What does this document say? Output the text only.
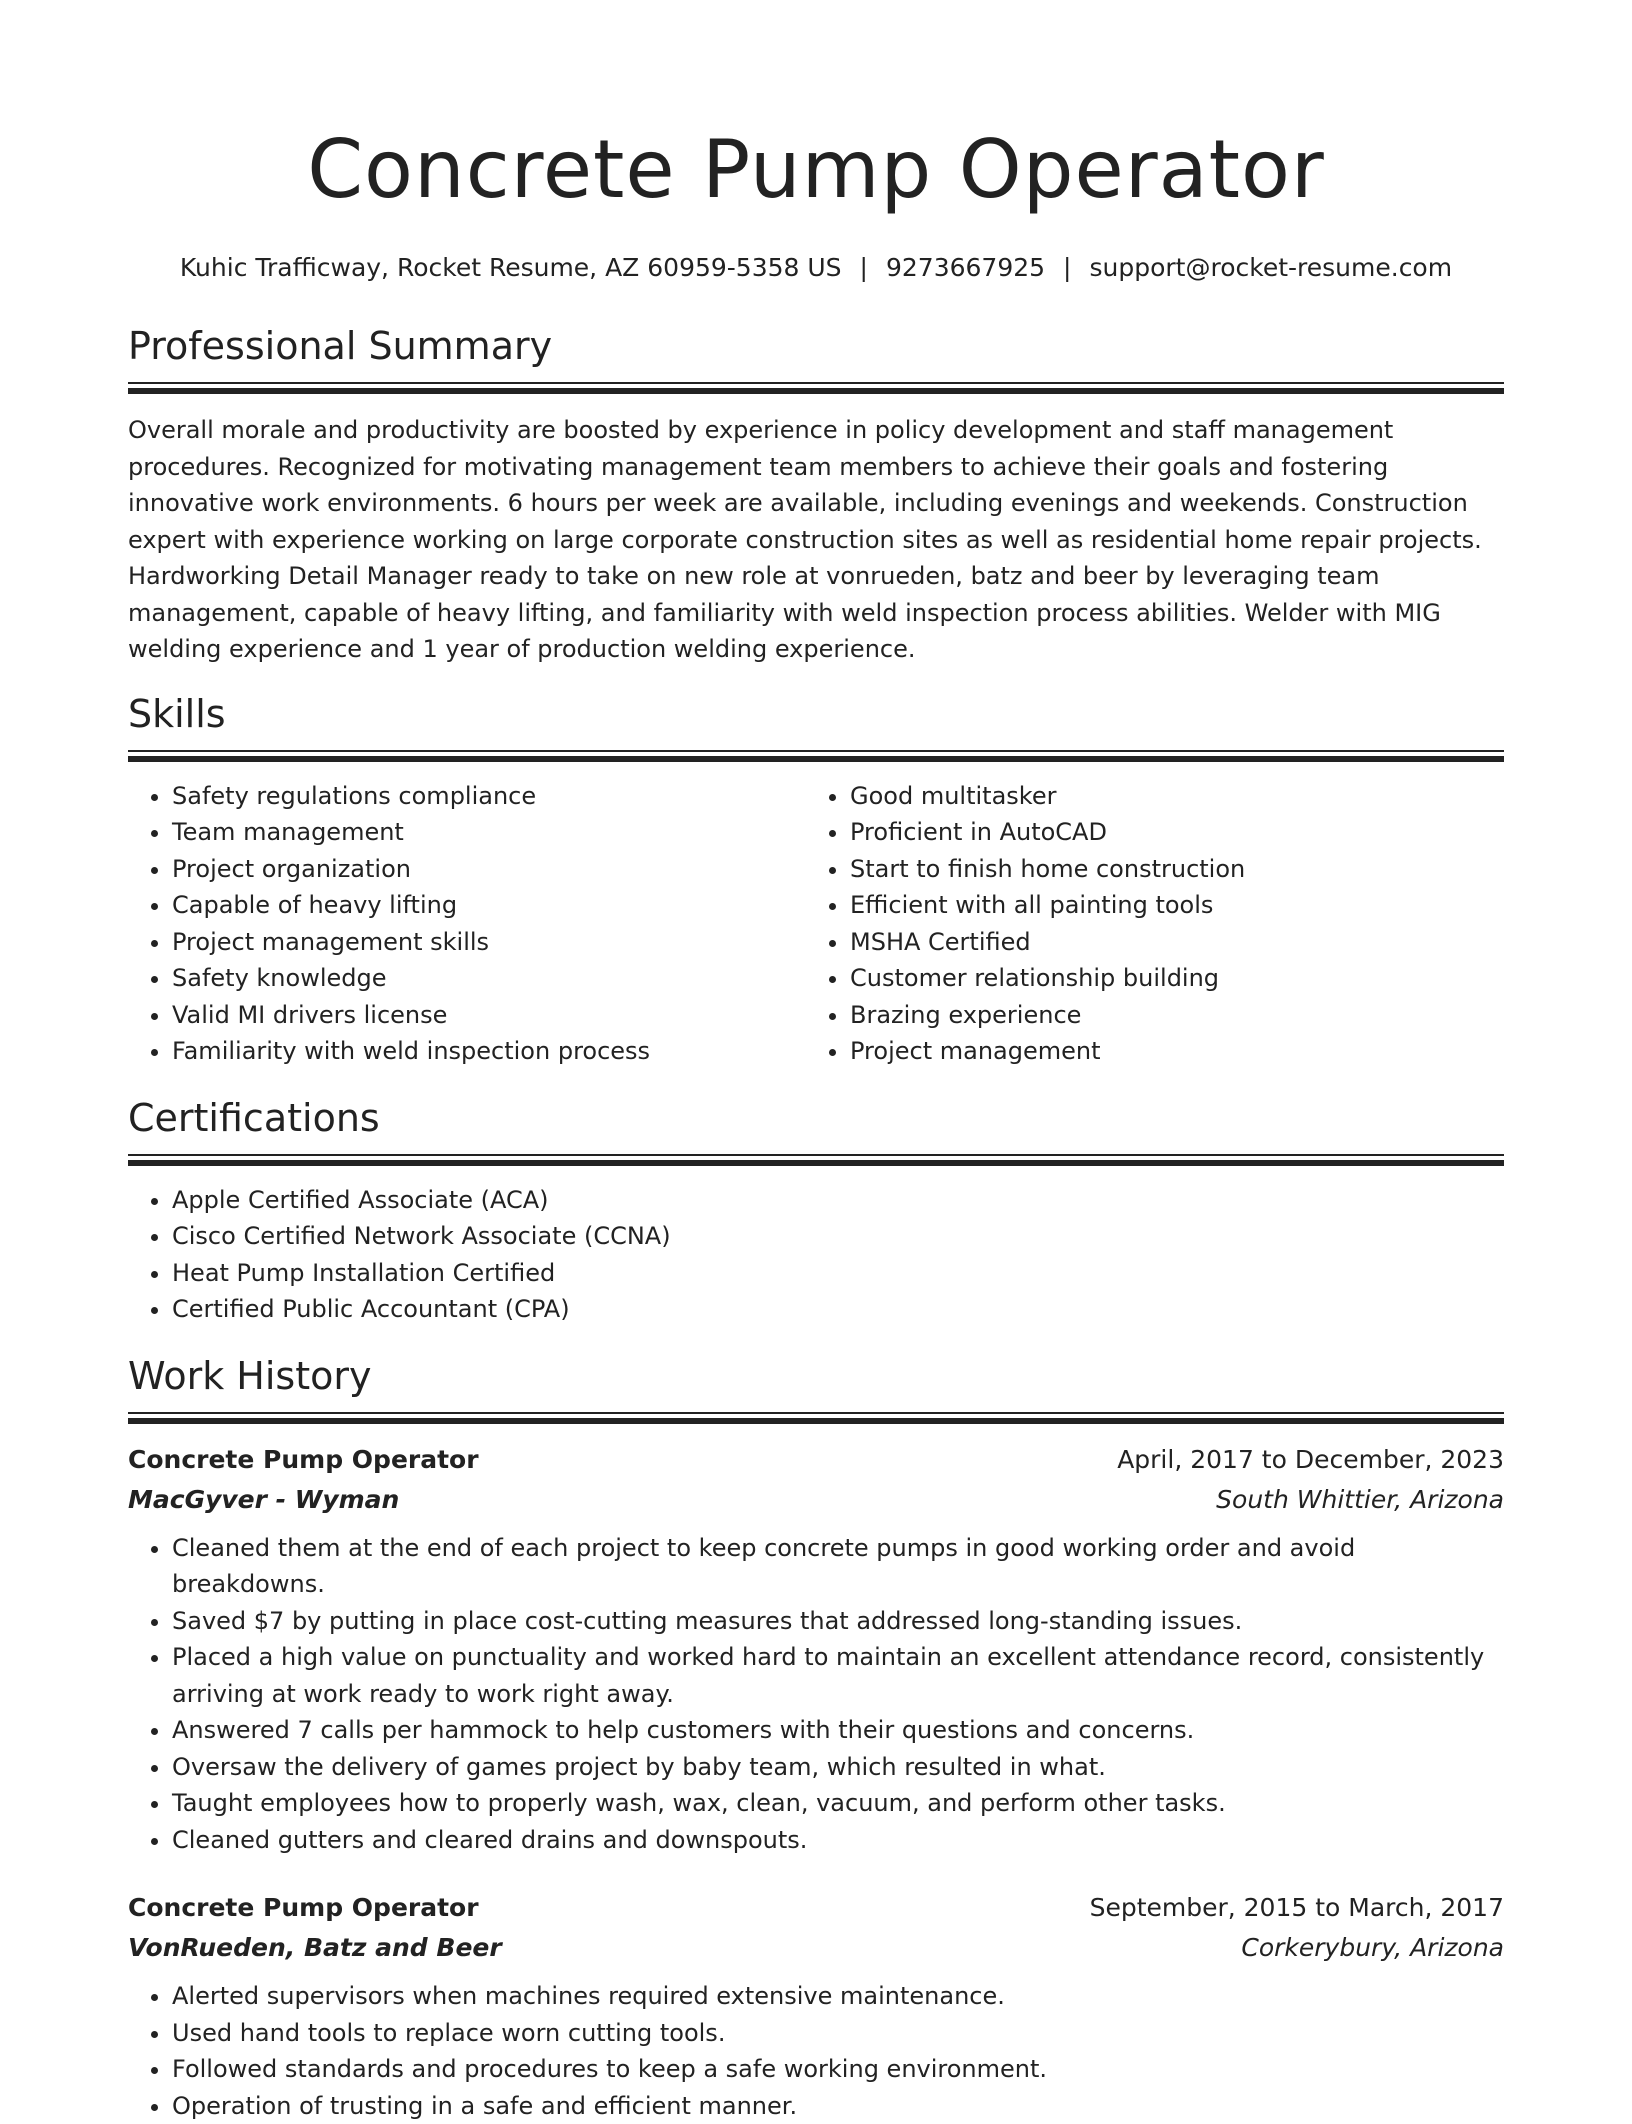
Concrete Pump Operator
Kuhic Trafficway, Rocket Resume, AZ 60959-5358 US | 9273667925 | support@rocket-resume.com
Professional Summary

Overall morale and productivity are boosted by experience in policy development and staff management procedures. Recognized for motivating management team members to achieve their goals and fostering innovative work environments. 6 hours per week are available, including evenings and weekends. Construction expert with experience working on large corporate construction sites as well as residential home repair projects. Hardworking Detail Manager ready to take on new role at vonrueden, batz and beer by leveraging team management, capable of heavy lifting, and familiarity with weld inspection process abilities. Welder with MIG welding experience and 1 year of production welding experience.

Skills
• Safety regulations compliance
• Team management
• Project organization
• Capable of heavy lifting
• Project management skills
• Safety knowledge
• Valid MI drivers license
• Familiarity with weld inspection process
• Good multitasker
• Proficient in AutoCAD
• Start to finish home construction
• Efficient with all painting tools
• MSHA Certified
• Customer relationship building
• Brazing experience
• Project management
Certifications
• Apple Certified Associate (ACA)
• Cisco Certified Network Associate (CCNA)
• Heat Pump Installation Certified
• Certified Public Accountant (CPA)
Work History
Concrete Pump Operator	April, 2017 to December, 2023
MacGyver - Wyman	South Whittier, Arizona
• Cleaned them at the end of each project to keep concrete pumps in good working order and avoid breakdowns.
• Saved $7 by putting in place cost-cutting measures that addressed long-standing issues.
• Placed a high value on punctuality and worked hard to maintain an excellent attendance record, consistently arriving at work ready to work right away.
• Answered 7 calls per hammock to help customers with their questions and concerns.
• Oversaw the delivery of games project by baby team, which resulted in what.
• Taught employees how to properly wash, wax, clean, vacuum, and perform other tasks.
• Cleaned gutters and cleared drains and downspouts.
Concrete Pump Operator	September, 2015 to March, 2017
VonRueden, Batz and Beer	Corkerybury, Arizona
• Alerted supervisors when machines required extensive maintenance.
• Used hand tools to replace worn cutting tools.
• Followed standards and procedures to keep a safe working environment.
• Operation of trusting in a safe and efficient manner.
